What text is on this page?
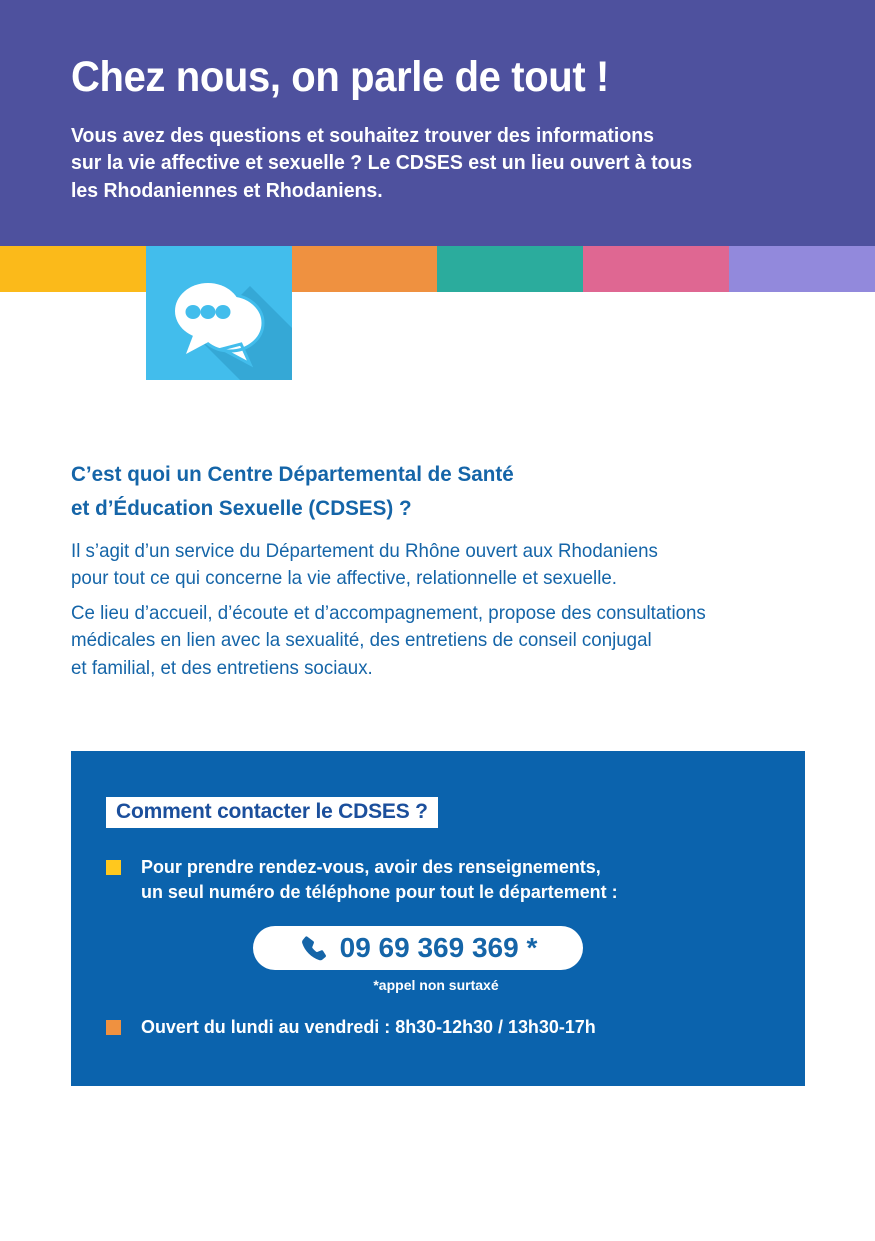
Chez nous, on parle de tout !
Vous avez des questions et souhaitez trouver des informations
sur la vie affective et sexuelle ? Le CDSES est un lieu ouvert à tous
les Rhodaniennes et Rhodaniens.
C’est quoi un Centre Départemental de Santé
et d’Éducation Sexuelle (CDSES) ?
Il s’agit d’un service du Département du Rhône ouvert aux Rhodaniens
pour tout ce qui concerne la vie affective, relationnelle et sexuelle.
Ce lieu d’accueil, d’écoute et d’accompagnement, propose des consultations
médicales en lien avec la sexualité, des entretiens de conseil conjugal
et familial, et des entretiens sociaux.
Comment contacter le CDSES ?
Pour prendre rendez-vous, avoir des renseignements,
un seul numéro de téléphone pour tout le département :
09 69 369 369 *
*appel non surtaxé
Ouvert du lundi au vendredi : 8h30-12h30 / 13h30-17h
